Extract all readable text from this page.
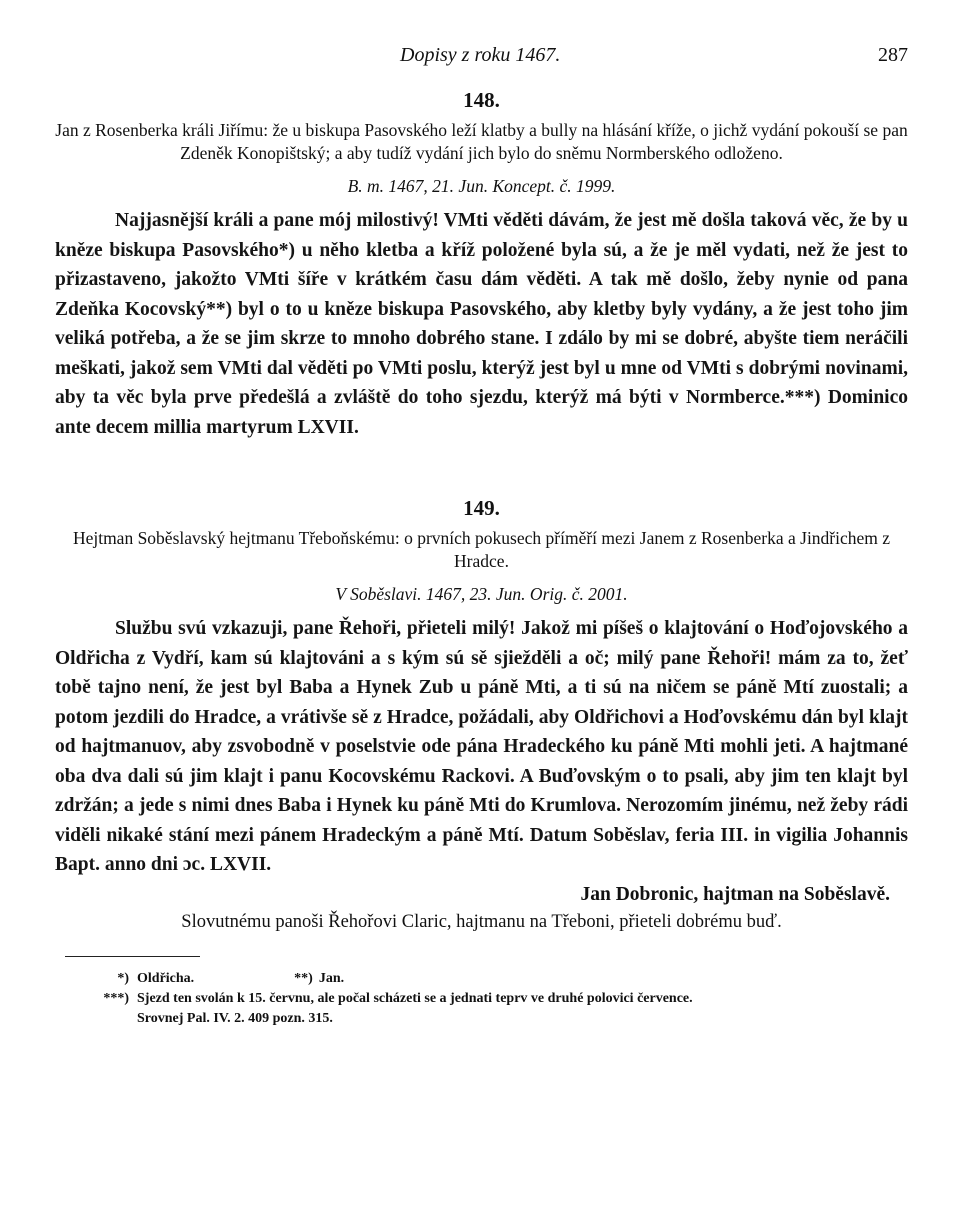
Dopisy z roku 1467.	287
148.
Jan z Rosenberka králi Jiřímu: že u biskupa Pasovského leží klatby a bully na hlásání kříže, o jichž vydání pokouší se pan Zdeněk Konopištský; a aby tudíž vydání jich bylo do sněmu Normberského odloženo.
B. m. 1467, 21. Jun. Koncept. č. 1999.
Najjasnější králi a pane mój milostivý! VMti věděti dávám, že jest mě došla taková věc, že by u kněze biskupa Pasovského*) u něho kletba a kříž položené byla sú, a že je měl vydati, než že jest to přizastaveno, jakožto VMti šíře v krátkém času dám věděti. A tak mě došlo, žeby nynie od pana Zdeňka Kocovský**) byl o to u kněze biskupa Pasovského, aby kletby byly vydány, a že jest toho jim veliká potřeba, a že se jim skrze to mnoho dobrého stane. I zdálo by mi se dobré, abyšte tiem neráčili meškati, jakož sem VMti dal věděti po VMti poslu, kterýž jest byl u mne od VMti s dobrými novinami, aby ta věc byla prve předešlá a zvláště do toho sjezdu, kterýž má býti v Normberce.***) Dominico ante decem millia martyrum LXVII.
149.
Hejtman Soběslavský hejtmanu Třeboňskému: o prvních pokusech příměří mezi Janem z Rosenberka a Jindřichem z Hradce.
V Soběslavi. 1467, 23. Jun. Orig. č. 2001.
Službu svú vzkazuji, pane Řehoři, přieteli milý! Jakož mi píšeš o klajtování o Hoďojovského a Oldřicha z Vydří, kam sú klajtováni a s kým sú sě sjiežděli a oč; milý pane Řehoři! mám za to, žeť tobě tajno není, že jest byl Baba a Hynek Zub u páně Mti, a ti sú na ničem se páně Mtí zuostali; a potom jezdili do Hradce, a vrátivše sě z Hradce, požádali, aby Oldřichovi a Hoďovskému dán byl klajt od hajtmanuov, aby zsvobodně v poselstvie ode pána Hradeckého ku páně Mti mohli jeti. A hajtmané oba dva dali sú jim klajt i panu Kocovskému Rackovi. A Buďovským o to psali, aby jim ten klajt byl zdržán; a jede s nimi dnes Baba i Hynek ku páně Mti do Krumlova. Nerozomím jinému, než žeby rádi viděli nikaké stání mezi pánem Hradeckým a páně Mtí. Datum Soběslav, feria III. in vigilia Johannis Bapt. anno dni ɔc. LXVII.
Jan Dobronic, hajtman na Soběslavě.
Slovutnému panoši Řehořovi Claric, hajtmanu na Třeboni, přieteli dobrému buď.
*) Oldřicha.	**) Jan.
***) Sjezd ten svolán k 15. červnu, ale počal scházeti se a jednati teprv ve druhé polovici července.
Srovnej Pal. IV. 2. 409 pozn. 315.
